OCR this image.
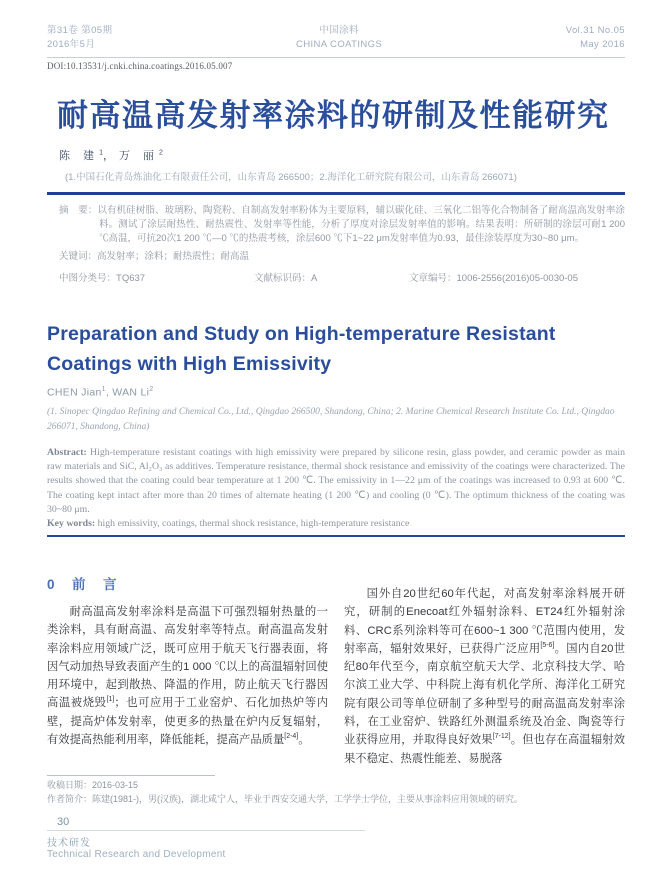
第31卷 第05期
2016年5月
中国涂料
CHINA COATINGS
Vol.31 No.05
May 2016
DOI:10.13531/j.cnki.china.coatings.2016.05.007
耐高温高发射率涂料的研制及性能研究
陈 建$^1$，万 丽$^2$
(1.中国石化青岛炼油化工有限责任公司，山东青岛 266500；2.海洋化工研究院有限公司，山东青岛 266071)
摘　要：以有机硅树脂、玻璃粉、陶瓷粉、自制高发射率粉体为主要原料，辅以碳化硅、三氧化二铝等化合物制备了耐高温高发射率涂料。测试了涂层耐热性、耐热震性、发射率等性能，分析了厚度对涂层发射率值的影响。结果表明：所研制的涂层可耐1 200 ℃高温，可抗20次1 200 ℃—0 ℃的热震考核，涂层600 ℃下1~22 μm发射率值为0.93，最佳涂装厚度为30~80 μm。
关键词：高发射率；涂料；耐热震性；耐高温
中图分类号：TQ637	文献标识码：A	文章编号：1006-2556(2016)05-0030-05
Preparation and Study on High-temperature Resistant
Coatings with High Emissivity
CHEN Jian$^1$, WAN Li$^2$
(1. Sinopec Qingdao Refining and Chemical Co., Ltd., Qingdao 266500, Shandong, China; 2. Marine Chemical Research Institute Co. Ltd., Qingdao 266071, Shandong, China)
Abstract: High-temperature resistant coatings with high emissivity were prepared by silicone resin, glass powder, and ceramic powder as main raw materials and SiC, Al₂O₃ as additives. Temperature resistance, thermal shock resistance and emissivity of the coatings were characterized. The results showed that the coating could bear temperature at 1 200 ℃. The emissivity in 1—22 μm of the coatings was increased to 0.93 at 600 ℃. The coating kept intact after more than 20 times of alternate heating (1 200 ℃) and cooling (0 ℃). The optimum thickness of the coating was 30~80 μm.
Key words: high emissivity, coatings, thermal shock resistance, high-temperature resistance
0　前　言

耐高温高发射率涂料是高温下可强烈辐射热量的一类涂料，具有耐高温、高发射率等特点。耐高温高发射率涂料应用领域广泛，既可应用于航天飞行器表面，将因气动加热导致表面产生的1 000 ℃以上的高温辐射回使用环境中，起到散热、降温的作用，防止航天飞行器因高温被烧毁[1]；也可应用于工业窑炉、石化加热炉等内壁，提高炉体发射率，使更多的热量在炉内反复辐射，有效提高热能利用率，降低能耗，提高产品质量[2-4]。

国外自20世纪60年代起，对高发射率涂料展开研究，研制的Enecoat红外辐射涂料、ET24红外辐射涂料、CRC系列涂料等可在600~1 300 ℃范围内使用，发射率高，辐射效果好，已获得广泛应用[5-6]。国内自20世纪80年代至今，南京航空航天大学、北京科技大学、哈尔滨工业大学、中科院上海有机化学所、海洋化工研究院有限公司等单位研制了多种型号的耐高温高发射率涂料，在工业窑炉、铁路红外测温系统及冶金、陶瓷等行业获得应用，并取得良好效果[7-12]。但也存在高温辐射效果不稳定、热震性能差、易脱落

收稿日期：2016-03-15
作者简介：陈建(1981-)，男(汉族)，湖北咸宁人，毕业于西安交通大学，工学学士学位，主要从事涂料应用领域的研究。
30
技术研发
Technical Research and Development
